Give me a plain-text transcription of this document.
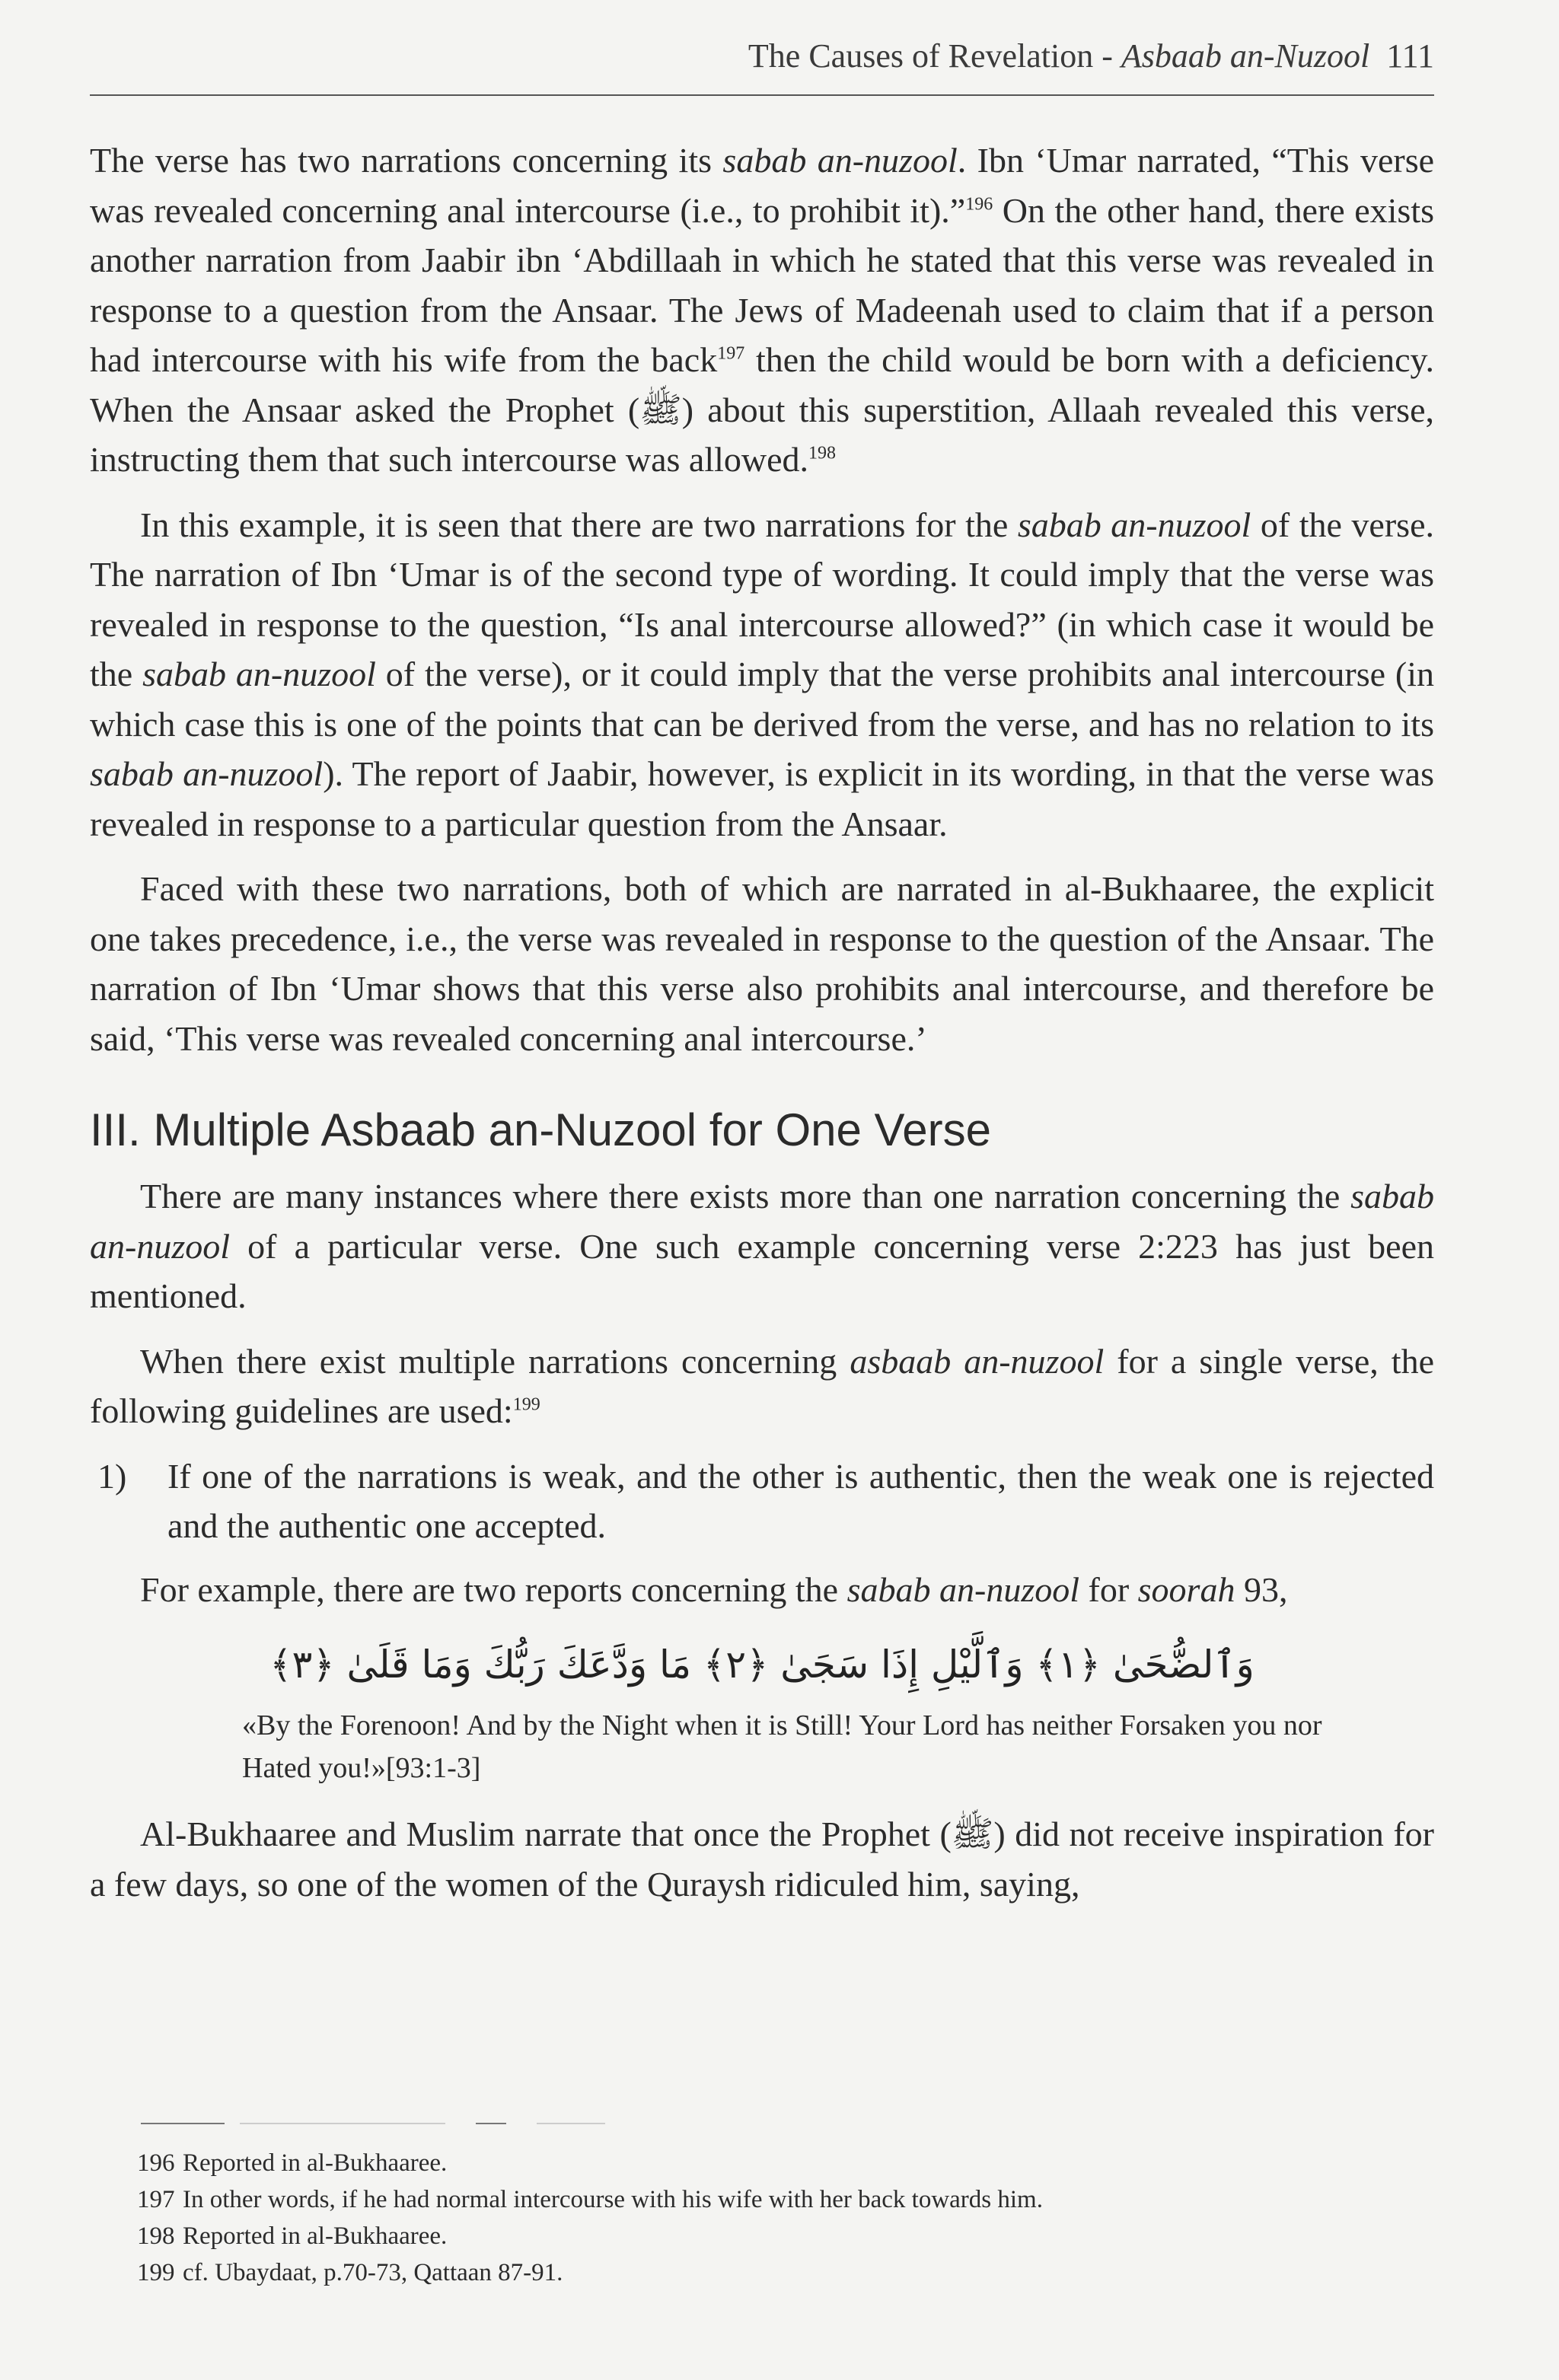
The Causes of Revelation - Asbaab an-Nuzool 111

The verse has two narrations concerning its sabab an-nuzool. Ibn ‘Umar narrated, “This verse was revealed concerning anal intercourse (i.e., to prohibit it).”$^{196}$ On the other hand, there exists another narration from Jaabir ibn ‘Abdillaah in which he stated that this verse was revealed in response to a question from the Ansaar. The Jews of Madeenah used to claim that if a person had intercourse with his wife from the back$^{197}$ then the child would be born with a deficiency. When the Ansaar asked the Prophet (ﷺ) about this superstition, Allaah revealed this verse, instructing them that such intercourse was allowed.$^{198}$

In this example, it is seen that there are two narrations for the sabab an-nuzool of the verse. The narration of Ibn ‘Umar is of the second type of wording. It could imply that the verse was revealed in response to the question, “Is anal intercourse allowed?” (in which case it would be the sabab an-nuzool of the verse), or it could imply that the verse prohibits anal intercourse (in which case this is one of the points that can be derived from the verse, and has no relation to its sabab an-nuzool). The report of Jaabir, however, is explicit in its wording, in that the verse was revealed in response to a particular question from the Ansaar.

Faced with these two narrations, both of which are narrated in al-Bukhaaree, the explicit one takes precedence, i.e., the verse was revealed in response to the question of the Ansaar. The narration of Ibn ‘Umar shows that this verse also prohibits anal intercourse, and therefore be said, ‘This verse was revealed concerning anal intercourse.’

III. Multiple Asbaab an-Nuzool for One Verse

There are many instances where there exists more than one narration concerning the sabab an-nuzool of a particular verse. One such example concerning verse 2:223 has just been mentioned.

When there exist multiple narrations concerning asbaab an-nuzool for a single verse, the following guidelines are used:$^{199}$

1)	If one of the narrations is weak, and the other is authentic, then the weak one is rejected and the authentic one accepted.

For example, there are two reports concerning the sabab an-nuzool for soorah 93,

وَٱلضُّحَىٰ ﴿١﴾ وَٱلَّيْلِ إِذَا سَجَىٰ ﴿٢﴾ مَا وَدَّعَكَ رَبُّكَ وَمَا قَلَىٰ ﴿٣﴾
«By the Forenoon! And by the Night when it is Still! Your Lord has neither Forsaken you nor Hated you!»[93:1-3]

Al-Bukhaaree and Muslim narrate that once the Prophet (ﷺ) did not receive inspiration for a few days, so one of the women of the Quraysh ridiculed him, saying,

196 Reported in al-Bukhaaree.
197 In other words, if he had normal intercourse with his wife with her back towards him.
198 Reported in al-Bukhaaree.
199 cf. Ubaydaat, p.70-73, Qattaan 87-91.
